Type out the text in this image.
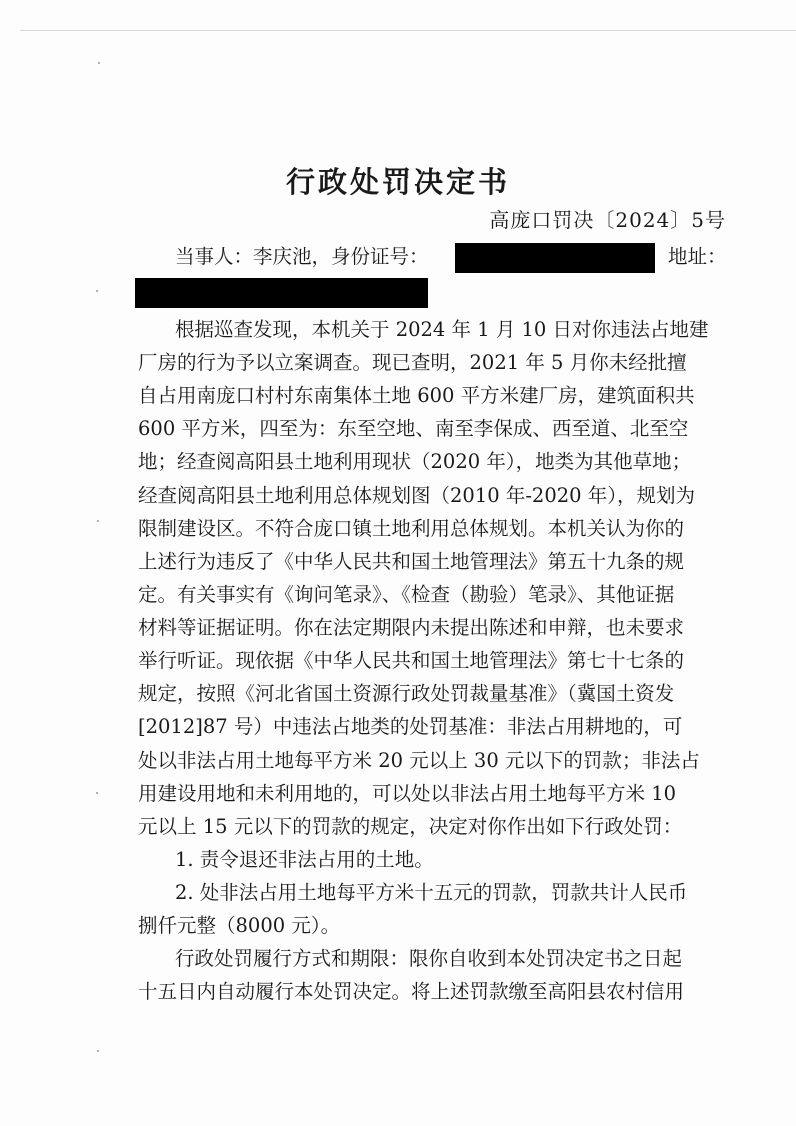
行政处罚决定书
高庞口罚决〔2024〕5号
当事人：李庆池，身份证号：	地址：
根据巡查发现，本机关于 2024 年 1 月 10 日对你违法占地建
厂房的行为予以立案调查。现已查明，2021 年 5 月你未经批擅
自占用南庞口村村东南集体土地 600 平方米建厂房，建筑面积共
600 平方米，四至为：东至空地、南至李保成、西至道、北至空
地；经查阅高阳县土地利用现状（2020 年），地类为其他草地；
经查阅高阳县土地利用总体规划图（2010 年-2020 年），规划为
限制建设区。不符合庞口镇土地利用总体规划。本机关认为你的
上述行为违反了《中华人民共和国土地管理法》第五十九条的规
定。有关事实有《询问笔录》、《检查（勘验）笔录》、其他证据
材料等证据证明。你在法定期限内未提出陈述和申辩，也未要求
举行听证。现依据《中华人民共和国土地管理法》第七十七条的
规定，按照《河北省国土资源行政处罚裁量基准》（冀国土资发
[2012]87 号）中违法占地类的处罚基准：非法占用耕地的，可
处以非法占用土地每平方米 20 元以上 30 元以下的罚款；非法占
用建设用地和未利用地的，可以处以非法占用土地每平方米 10
元以上 15 元以下的罚款的规定，决定对你作出如下行政处罚：
1. 责令退还非法占用的土地。
2. 处非法占用土地每平方米十五元的罚款，罚款共计人民币
捌仟元整（8000 元）。
行政处罚履行方式和期限：限你自收到本处罚决定书之日起
十五日内自动履行本处罚决定。将上述罚款缴至高阳县农村信用
